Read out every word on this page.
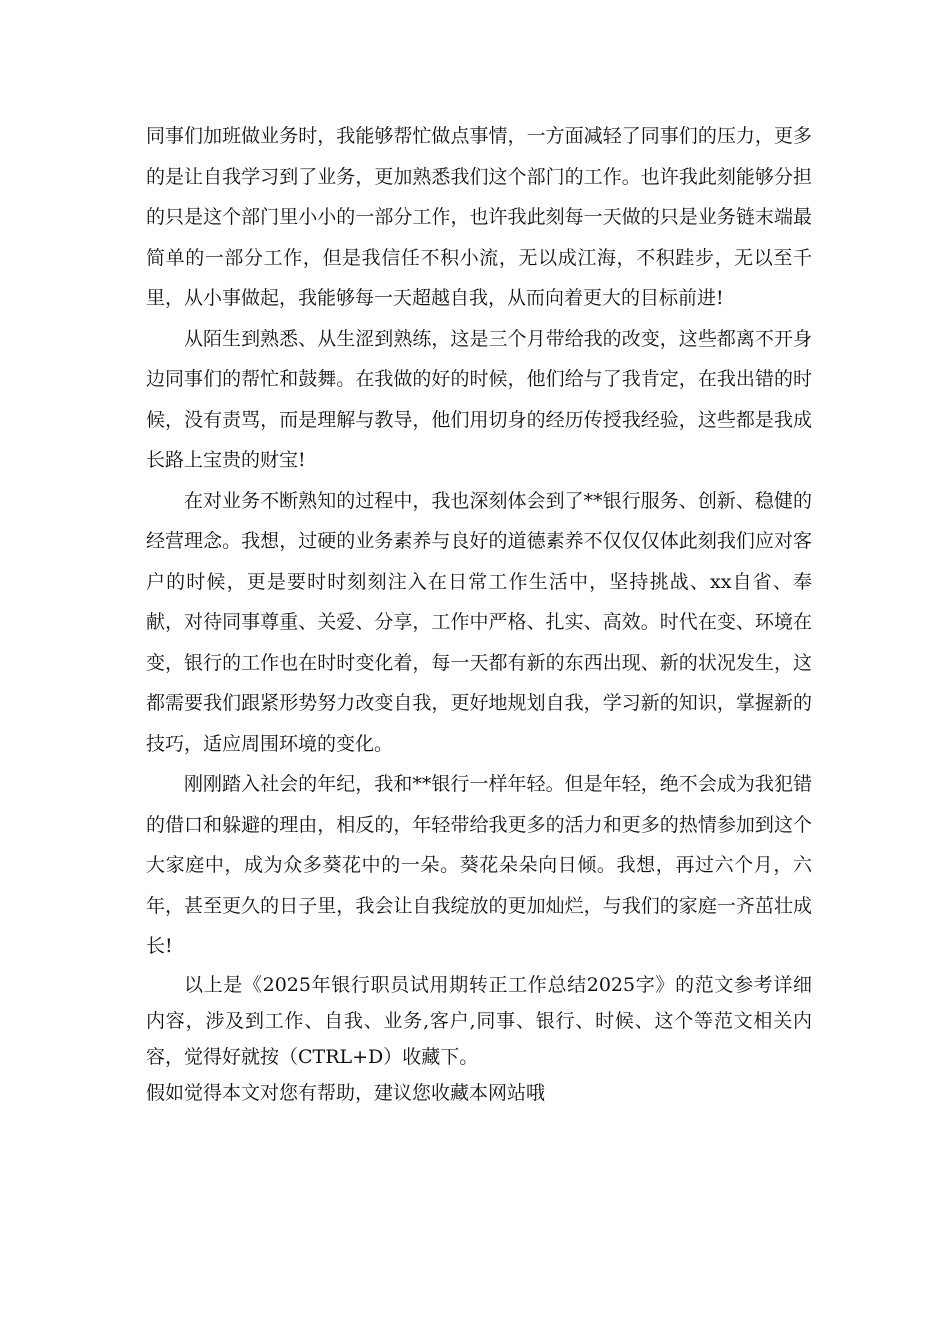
同事们加班做业务时，我能够帮忙做点事情，一方面减轻了同事们的压力，更多的是让自我学习到了业务，更加熟悉我们这个部门的工作。也许我此刻能够分担的只是这个部门里小小的一部分工作，也许我此刻每一天做的只是业务链末端最简单的一部分工作，但是我信任不积小流，无以成江海，不积跬步，无以至千里，从小事做起，我能够每一天超越自我，从而向着更大的目标前进!

从陌生到熟悉、从生涩到熟练，这是三个月带给我的改变，这些都离不开身边同事们的帮忙和鼓舞。在我做的好的时候，他们给与了我肯定，在我出错的时候，没有责骂，而是理解与教导，他们用切身的经历传授我经验，这些都是我成长路上宝贵的财宝!

在对业务不断熟知的过程中，我也深刻体会到了**银行服务、创新、稳健的经营理念。我想，过硬的业务素养与良好的道德素养不仅仅仅体此刻我们应对客户的时候，更是要时时刻刻注入在日常工作生活中，坚持挑战、xx自省、奉献，对待同事尊重、关爱、分享，工作中严格、扎实、高效。时代在变、环境在变，银行的工作也在时时变化着，每一天都有新的东西出现、新的状况发生，这都需要我们跟紧形势努力改变自我，更好地规划自我，学习新的知识，掌握新的技巧，适应周围环境的变化。

刚刚踏入社会的年纪，我和**银行一样年轻。但是年轻，绝不会成为我犯错的借口和躲避的理由，相反的，年轻带给我更多的活力和更多的热情参加到这个大家庭中，成为众多葵花中的一朵。葵花朵朵向日倾。我想，再过六个月，六年，甚至更久的日子里，我会让自我绽放的更加灿烂，与我们的家庭一齐茁壮成长!

以上是《2025年银行职员试用期转正工作总结2025字》的范文参考详细内容，涉及到工作、自我、业务,客户,同事、银行、时候、这个等范文相关内容，觉得好就按（CTRL+D）收藏下。

假如觉得本文对您有帮助，建议您收藏本网站哦
